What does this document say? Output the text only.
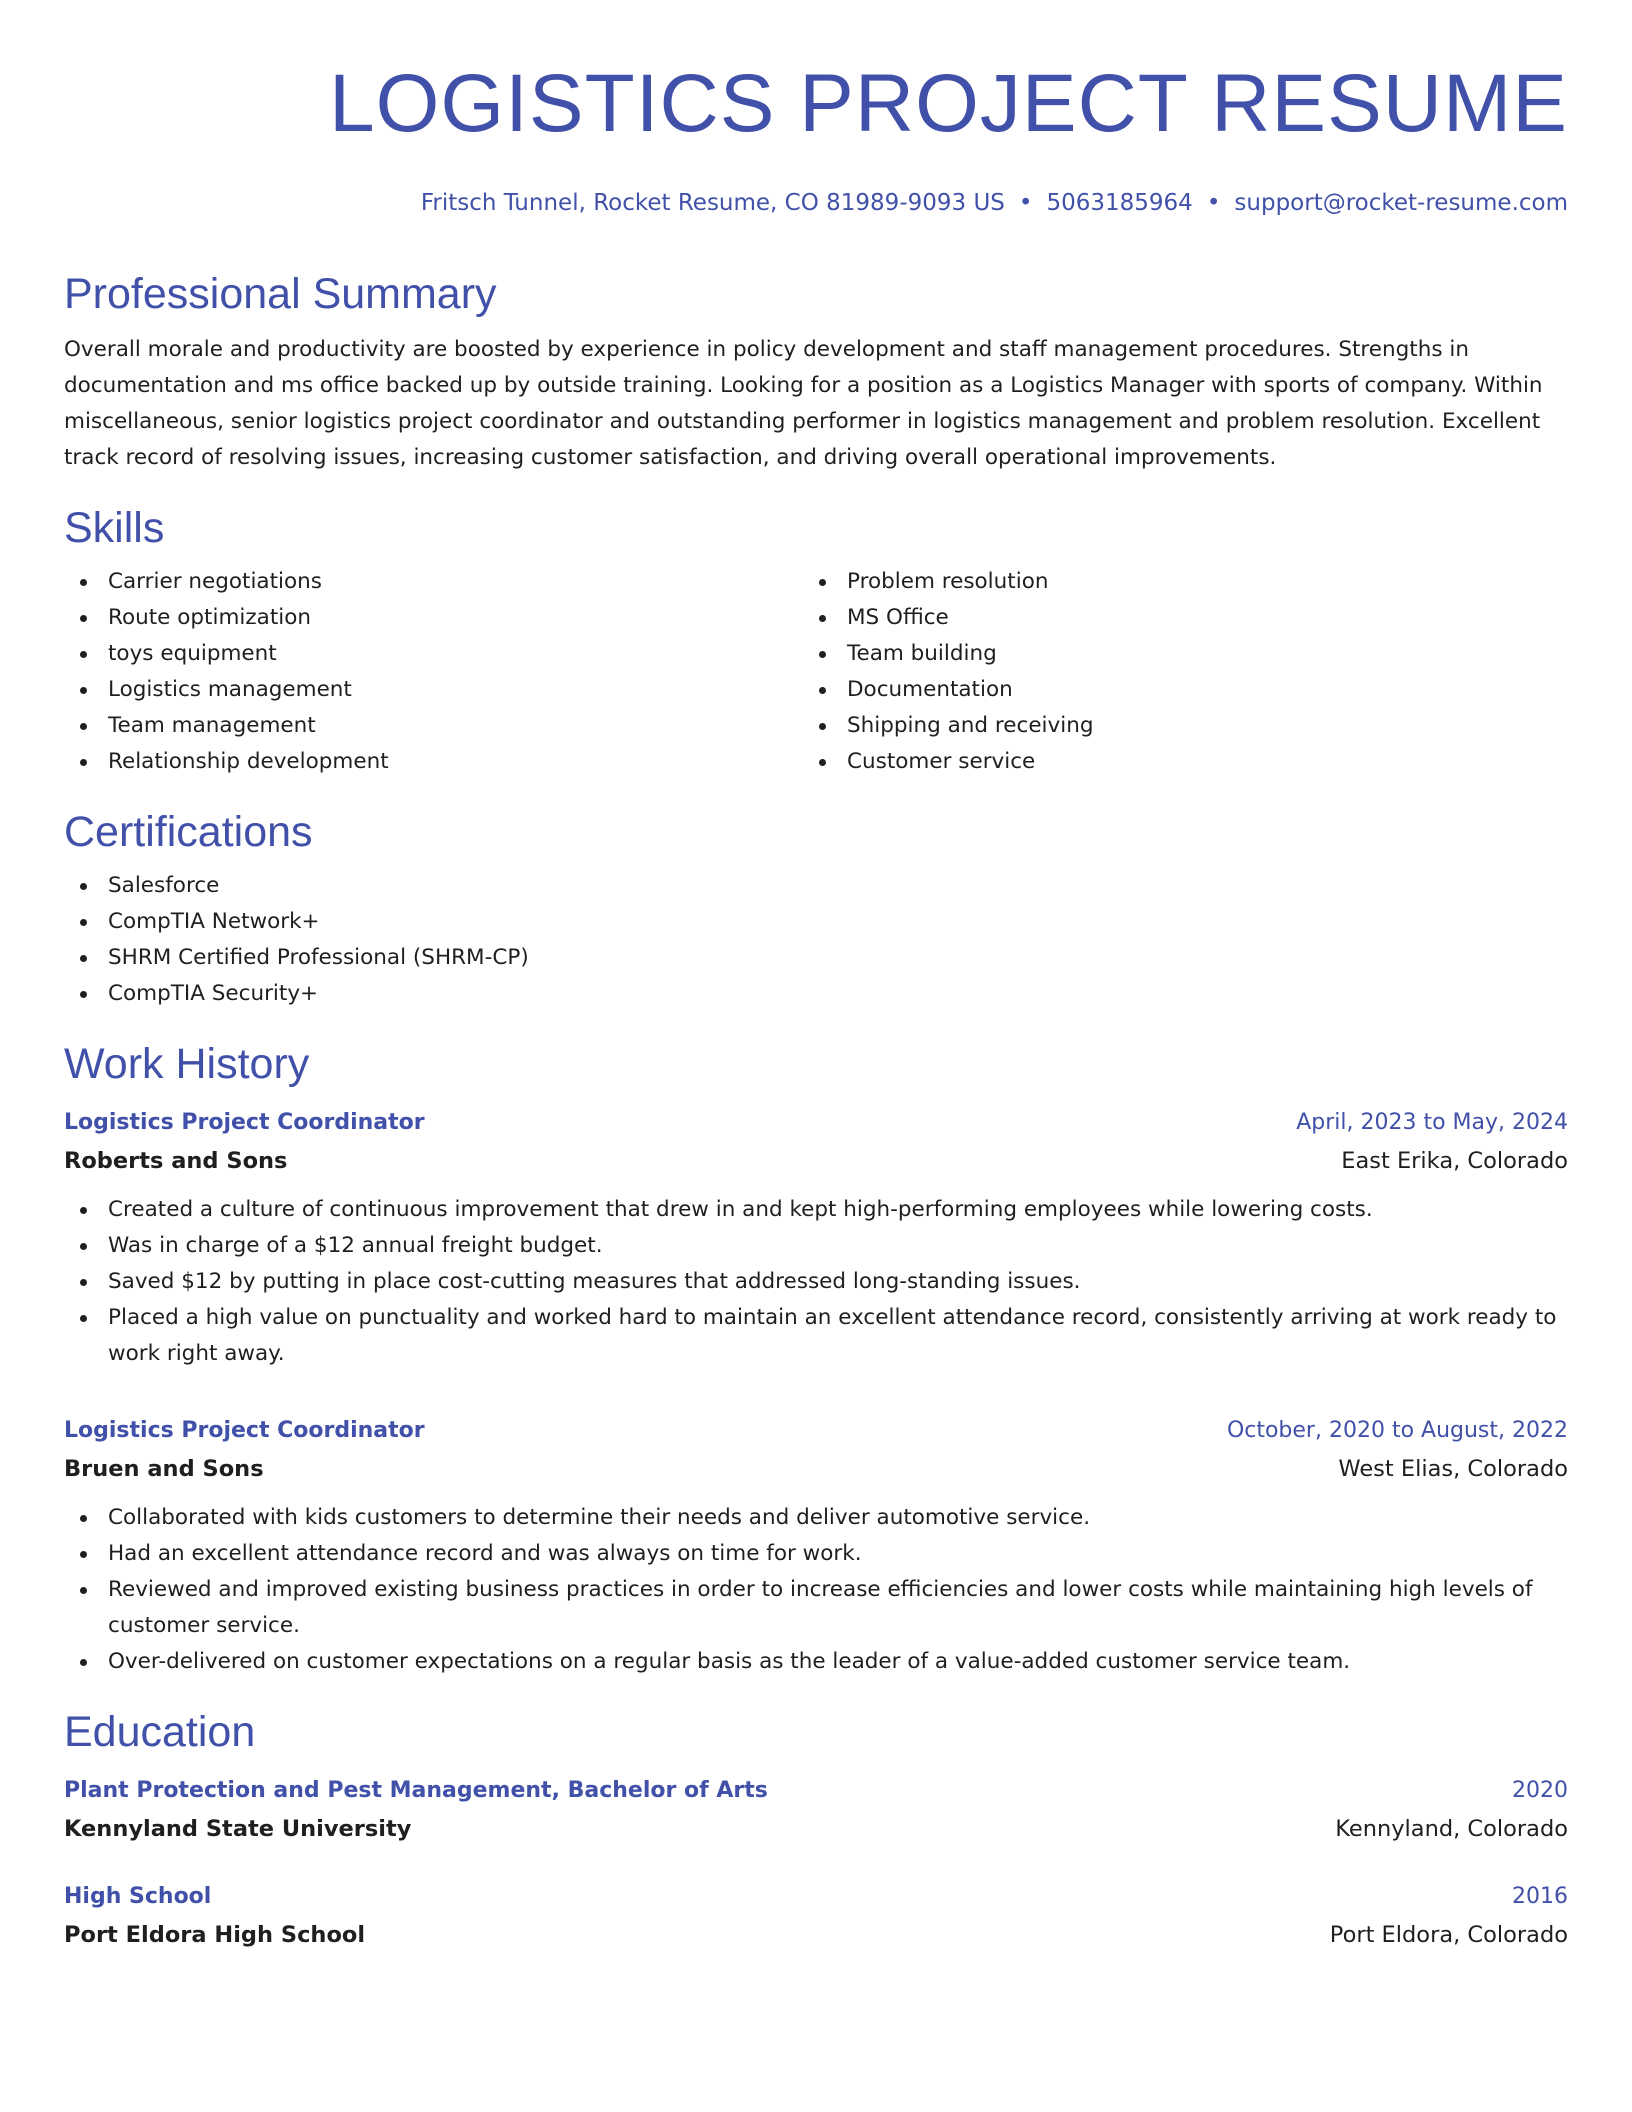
LOGISTICS PROJECT RESUME
Fritsch Tunnel, Rocket Resume, CO 81989-9093 US • 5063185964 • support@rocket-resume.com
Professional Summary

Overall morale and productivity are boosted by experience in policy development and staff management procedures. Strengths in documentation and ms office backed up by outside training. Looking for a position as a Logistics Manager with sports of company. Within miscellaneous, senior logistics project coordinator and outstanding performer in logistics management and problem resolution. Excellent track record of resolving issues, increasing customer satisfaction, and driving overall operational improvements.

Skills
Carrier negotiations
Route optimization
toys equipment
Logistics management
Team management
Relationship development
Problem resolution
MS Office
Team building
Documentation
Shipping and receiving
Customer service
Certifications
Salesforce
CompTIA Network+
SHRM Certified Professional (SHRM-CP)
CompTIA Security+
Work History
Logistics Project Coordinator	April, 2023 to May, 2024
Roberts and Sons	East Erika, Colorado
Created a culture of continuous improvement that drew in and kept high-performing employees while lowering costs.
Was in charge of a $12 annual freight budget.
Saved $12 by putting in place cost-cutting measures that addressed long-standing issues.
Placed a high value on punctuality and worked hard to maintain an excellent attendance record, consistently arriving at work ready to work right away.
Logistics Project Coordinator	October, 2020 to August, 2022
Bruen and Sons	West Elias, Colorado
Collaborated with kids customers to determine their needs and deliver automotive service.
Had an excellent attendance record and was always on time for work.
Reviewed and improved existing business practices in order to increase efficiencies and lower costs while maintaining high levels of customer service.
Over-delivered on customer expectations on a regular basis as the leader of a value-added customer service team.
Education
Plant Protection and Pest Management, Bachelor of Arts	2020
Kennyland State University	Kennyland, Colorado
High School	2016
Port Eldora High School	Port Eldora, Colorado
